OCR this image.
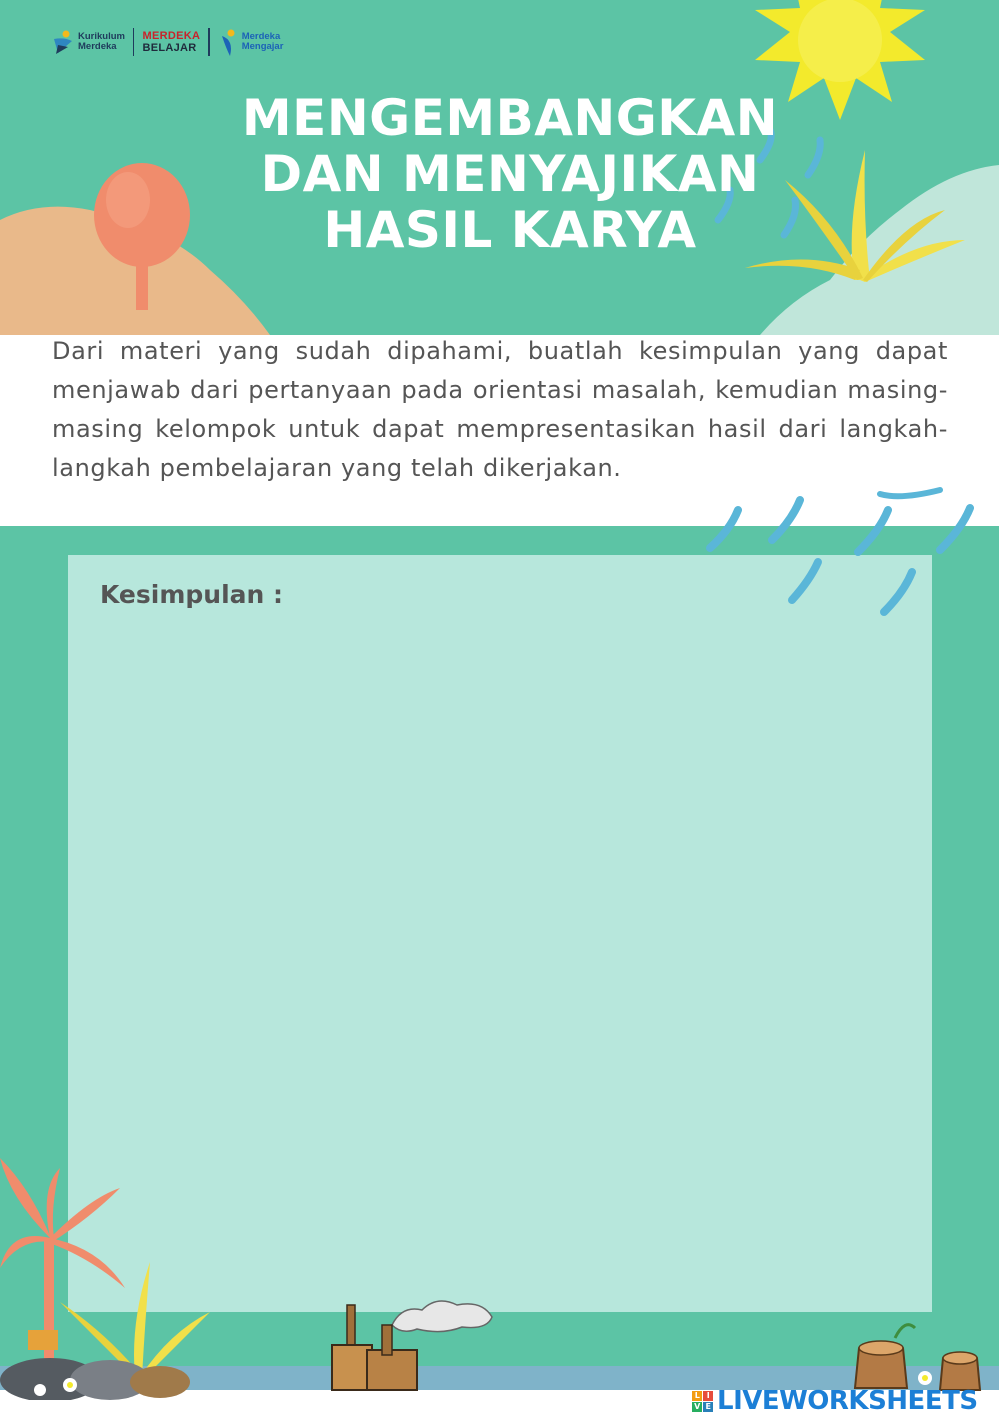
Kurikulum
Merdeka
MERDEKA
BELAJAR
Merdeka
Mengajar
MENGEMBANGKAN
DAN MENYAJIKAN
HASIL KARYA
Dari materi yang sudah dipahami, buatlah kesimpulan yang dapat menjawab dari pertanyaan pada orientasi masalah, kemudian masing-masing kelompok untuk dapat mempresentasikan hasil dari langkah-langkah pembelajaran yang telah dikerjakan.
Kesimpulan :
L I
V E LIVEWORKSHEETS
